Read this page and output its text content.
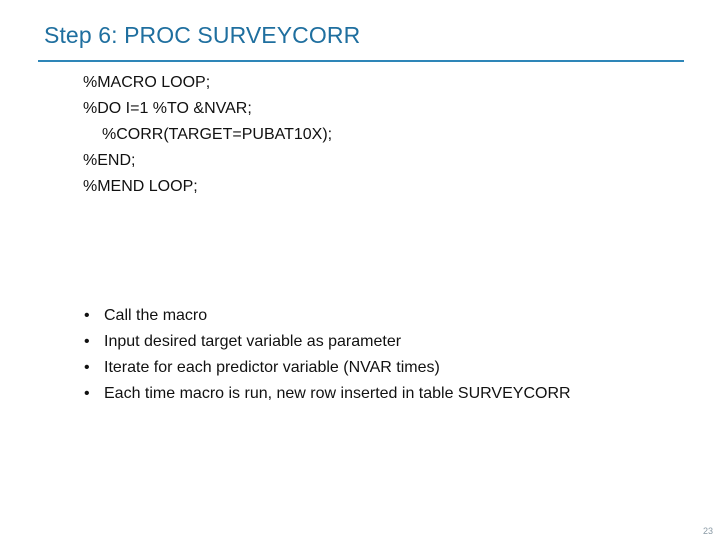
Step 6: PROC SURVEYCORR
%MACRO LOOP;
%DO I=1 %TO &NVAR;
%CORR(TARGET=PUBAT10X);
%END;
%MEND LOOP;
• Call the macro
• Input desired target variable as parameter
• Iterate for each predictor variable (NVAR times)
• Each time macro is run, new row inserted in table SURVEYCORR
23
